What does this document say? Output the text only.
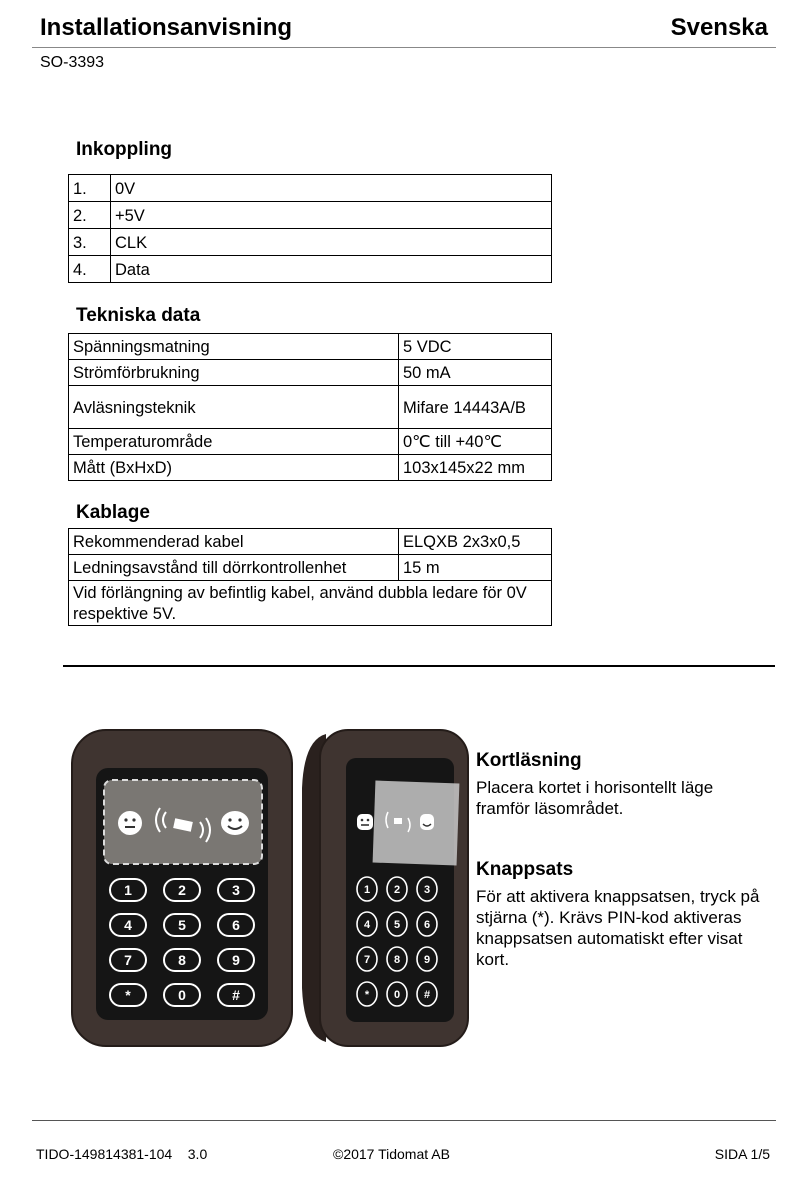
Installationsanvisning	Svenska
SO-3393
Inkoppling
1.	0V
2.	+5V
3.	CLK
4.	Data
Tekniska data
Spänningsmatning	5 VDC
Strömförbrukning	50 mA
Avläsningsteknik	Mifare 14443A/B
Temperaturområde	0℃ till +40℃
Mått (BxHxD)	103x145x22 mm
Kablage
Rekommenderad kabel	ELQXB 2x3x0,5
Ledningsavstånd till dörrkontrollenhet	15 m
Vid förlängning av befintlig kabel, använd dubbla ledare för 0V respektive 5V.	
1	2	3
4	5	6
7	8	9
*	0	#
1 2 3
4 5 6
7 8 9
* 0 #
Kortläsning
Placera kortet i horisontellt läge framför läsområdet.
Knappsats
För att aktivera knappsatsen, tryck på stjärna (*). Krävs PIN-kod aktiveras knappsatsen automatiskt efter visat kort.
TIDO-149814381-104 3.0	©2017 Tidomat AB	SIDA 1/5
